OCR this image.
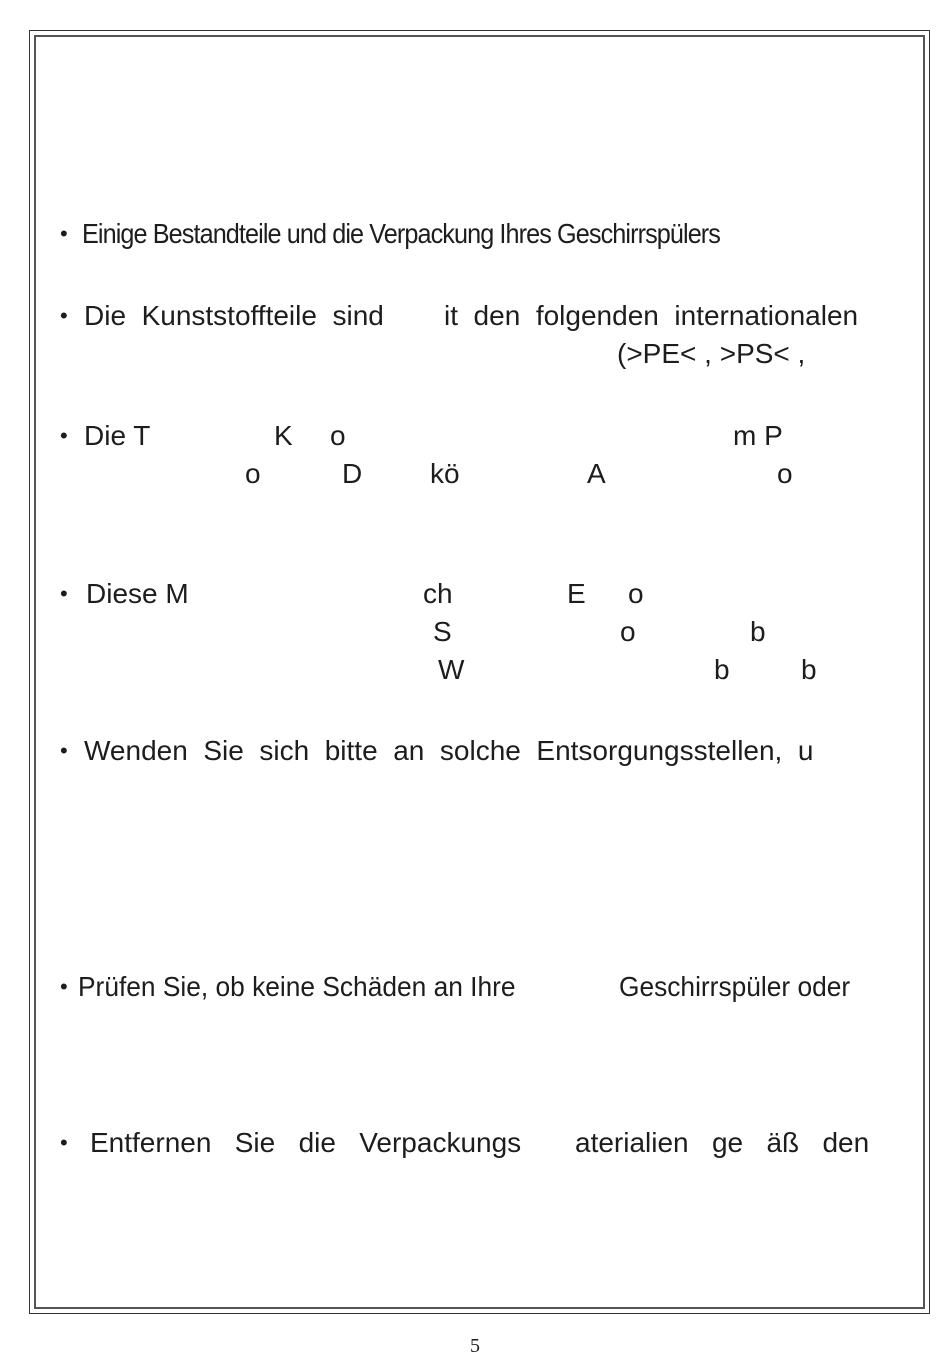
• Einige Bestandteile und die Verpackung Ihres Geschirrspülers
• Die  Kunststoffteile  sind it  den  folgenden  internationalen
(>PE< , >PS< ,
• Die T	K o	m P
o	D kö	A	o
• Diese M	ch	E o
S	o	b
W	b	b
• Wenden  Sie  sich  bitte  an  solche  Entsorgungsstellen,  u
• Prüfen Sie, ob keine Schäden an Ihre	Geschirrspüler oder
• Entfernen   Sie   die   Verpackungs aterialien   ge   äß   den
5
